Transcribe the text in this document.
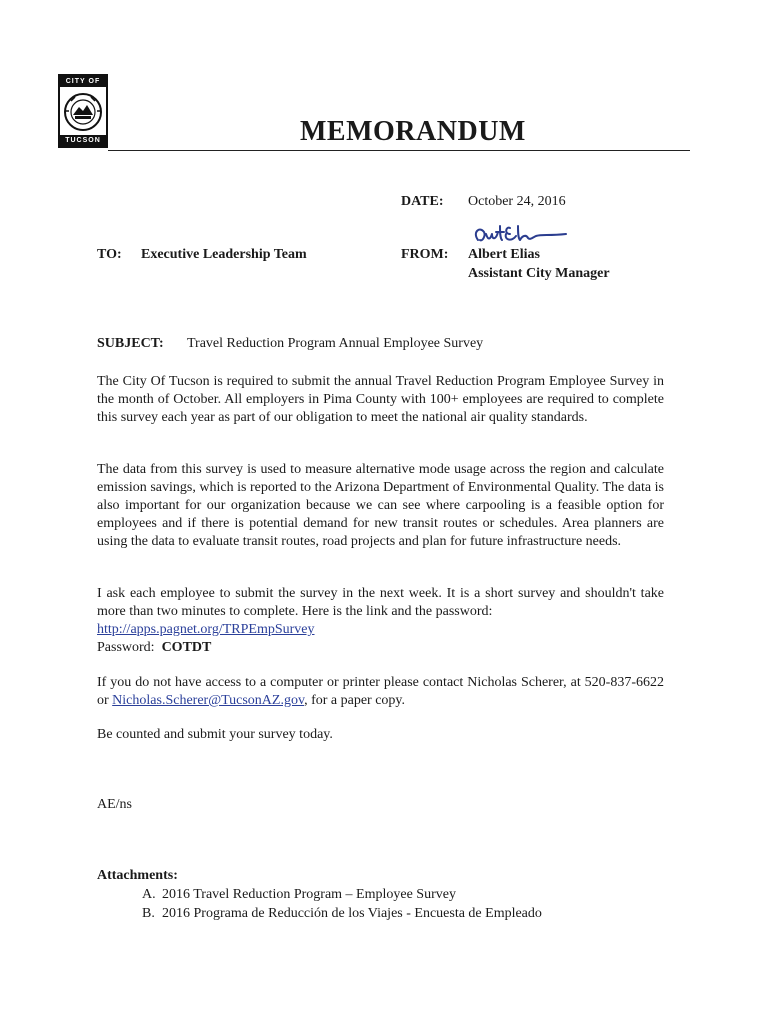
CITY OF
TUCSON	MEMORANDUM
DATE: October 24, 2016
TO: Executive Leadership Team	FROM: Albert Elias
Assistant City Manager
SUBJECT: Travel Reduction Program Annual Employee Survey
The City Of Tucson is required to submit the annual Travel Reduction Program Employee Survey in the month of October. All employers in Pima County with 100+ employees are required to complete this survey each year as part of our obligation to meet the national air quality standards.
The data from this survey is used to measure alternative mode usage across the region and calculate emission savings, which is reported to the Arizona Department of Environmental Quality. The data is also important for our organization because we can see where carpooling is a feasible option for employees and if there is potential demand for new transit routes or schedules. Area planners are using the data to evaluate transit routes, road projects and plan for future infrastructure needs.
I ask each employee to submit the survey in the next week. It is a short survey and shouldn't take more than two minutes to complete. Here is the link and the password:
http://apps.pagnet.org/TRPEmpSurvey
Password: COTDT
If you do not have access to a computer or printer please contact Nicholas Scherer, at 520-837-6622 or Nicholas.Scherer@TucsonAZ.gov, for a paper copy.
Be counted and submit your survey today.
AE/ns
Attachments:
A. 2016 Travel Reduction Program – Employee Survey
B. 2016 Programa de Reducción de los Viajes - Encuesta de Empleado
